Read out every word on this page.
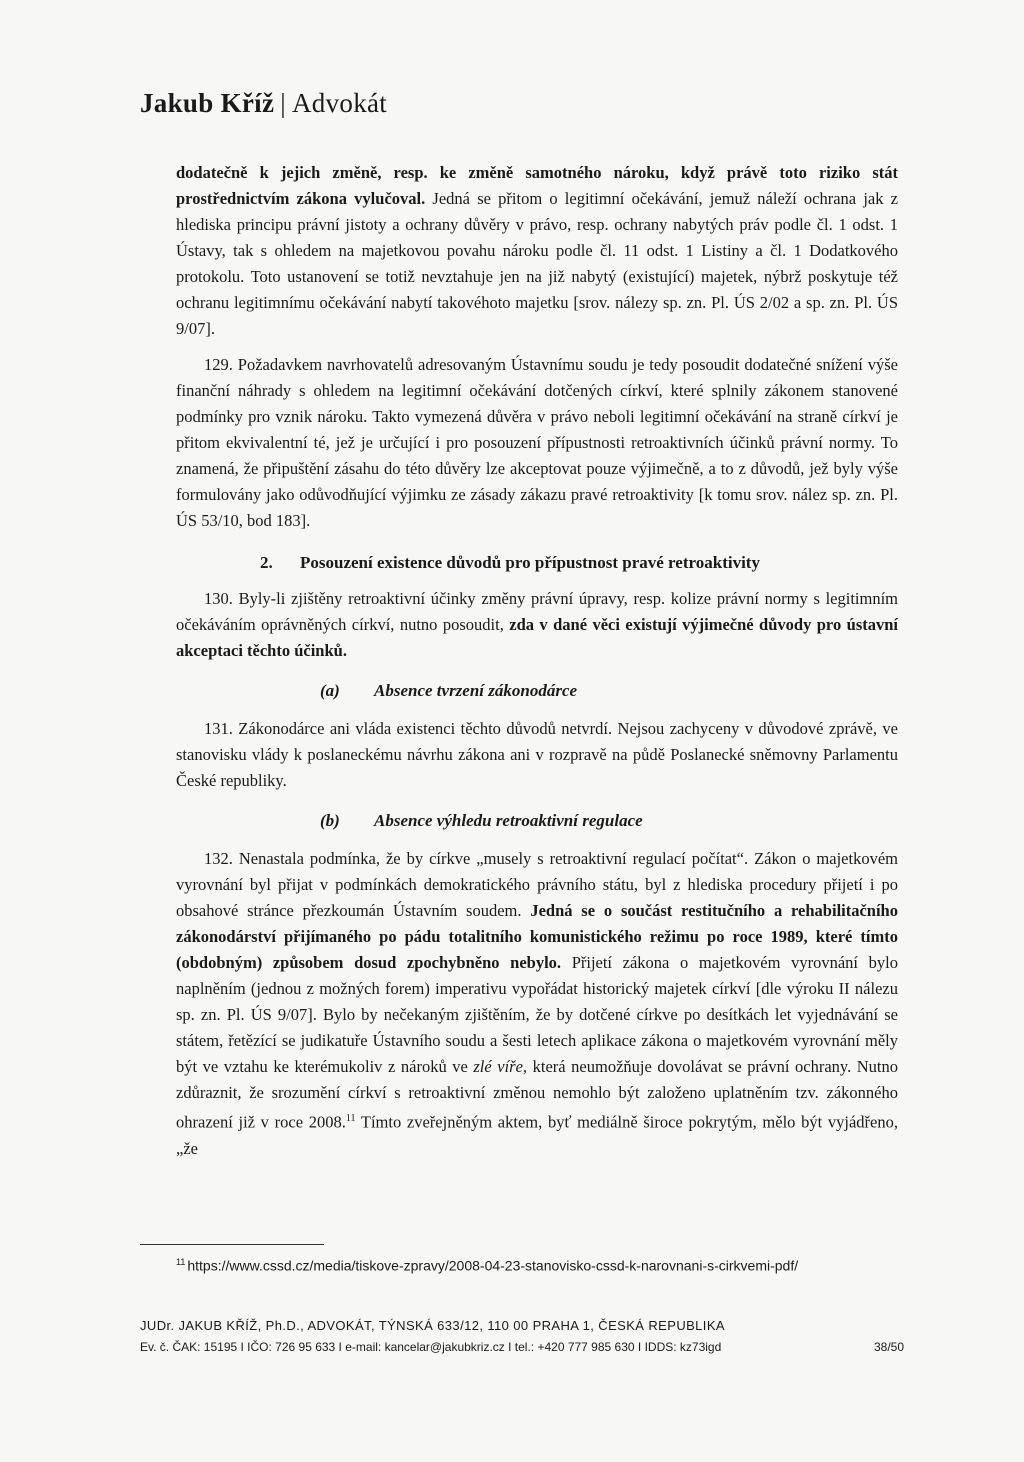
Jakub Kříž | Advokát

dodatečně k jejich změně, resp. ke změně samotného nároku, když právě toto riziko stát prostřednictvím zákona vylučoval. Jedná se přitom o legitimní očekávání, jemuž náleží ochrana jak z hlediska principu právní jistoty a ochrany důvěry v právo, resp. ochrany nabytých práv podle čl. 1 odst. 1 Ústavy, tak s ohledem na majetkovou povahu nároku podle čl. 11 odst. 1 Listiny a čl. 1 Dodatkového protokolu. Toto ustanovení se totiž nevztahuje jen na již nabytý (existující) majetek, nýbrž poskytuje též ochranu legitimnímu očekávání nabytí takovéhoto majetku [srov. nálezy sp. zn. Pl. ÚS 2/02 a sp. zn. Pl. ÚS 9/07].

129. Požadavkem navrhovatelů adresovaným Ústavnímu soudu je tedy posoudit dodatečné snížení výše finanční náhrady s ohledem na legitimní očekávání dotčených církví, které splnily zákonem stanovené podmínky pro vznik nároku. Takto vymezená důvěra v právo neboli legitimní očekávání na straně církví je přitom ekvivalentní té, jež je určující i pro posouzení přípustnosti retroaktivních účinků právní normy. To znamená, že připuštění zásahu do této důvěry lze akceptovat pouze výjimečně, a to z důvodů, jež byly výše formulovány jako odůvodňující výjimku ze zásady zákazu pravé retroaktivity [k tomu srov. nález sp. zn. Pl. ÚS 53/10, bod 183].

2. Posouzení existence důvodů pro přípustnost pravé retroaktivity

130. Byly-li zjištěny retroaktivní účinky změny právní úpravy, resp. kolize právní normy s legitimním očekáváním oprávněných církví, nutno posoudit, zda v dané věci existují výjimečné důvody pro ústavní akceptaci těchto účinků.

(a) Absence tvrzení zákonodárce

131. Zákonodárce ani vláda existenci těchto důvodů netvrdí. Nejsou zachyceny v důvodové zprávě, ve stanovisku vlády k poslaneckému návrhu zákona ani v rozpravě na půdě Poslanecké sněmovny Parlamentu České republiky.

(b) Absence výhledu retroaktivní regulace

132. Nenastala podmínka, že by církve „musely s retroaktivní regulací počítat“. Zákon o majetkovém vyrovnání byl přijat v podmínkách demokratického právního státu, byl z hlediska procedury přijetí i po obsahové stránce přezkoumán Ústavním soudem. Jedná se o součást restitučního a rehabilitačního zákonodárství přijímaného po pádu totalitního komunistického režimu po roce 1989, které tímto (obdobným) způsobem dosud zpochybněno nebylo. Přijetí zákona o majetkovém vyrovnání bylo naplněním (jednou z možných forem) imperativu vypořádat historický majetek církví [dle výroku II nálezu sp. zn. Pl. ÚS 9/07]. Bylo by nečekaným zjištěním, že by dotčené církve po desítkách let vyjednávání se státem, řetězící se judikatuře Ústavního soudu a šesti letech aplikace zákona o majetkovém vyrovnání měly být ve vztahu ke kterémukoliv z nároků ve zlé víře, která neumožňuje dovolávat se právní ochrany. Nutno zdůraznit, že srozumění církví s retroaktivní změnou nemohlo být založeno uplatněním tzv. zákonného ohrazení již v roce 2008.11 Tímto zveřejněným aktem, byť mediálně široce pokrytým, mělo být vyjádřeno, „že

$^{11}$ https://www.cssd.cz/media/tiskove-zpravy/2008-04-23-stanovisko-cssd-k-narovnani-s-cirkvemi-pdf/
JUDr. JAKUB KŘÍŽ, Ph.D., ADVOKÁT, TÝNSKÁ 633/12, 110 00 PRAHA 1, ČESKÁ REPUBLIKA
Ev. č. ČAK: 15195 I IČO: 726 95 633 I e-mail: kancelar@jakubkriz.cz I tel.: +420 777 985 630 I IDDS: kz73igd	38/50
